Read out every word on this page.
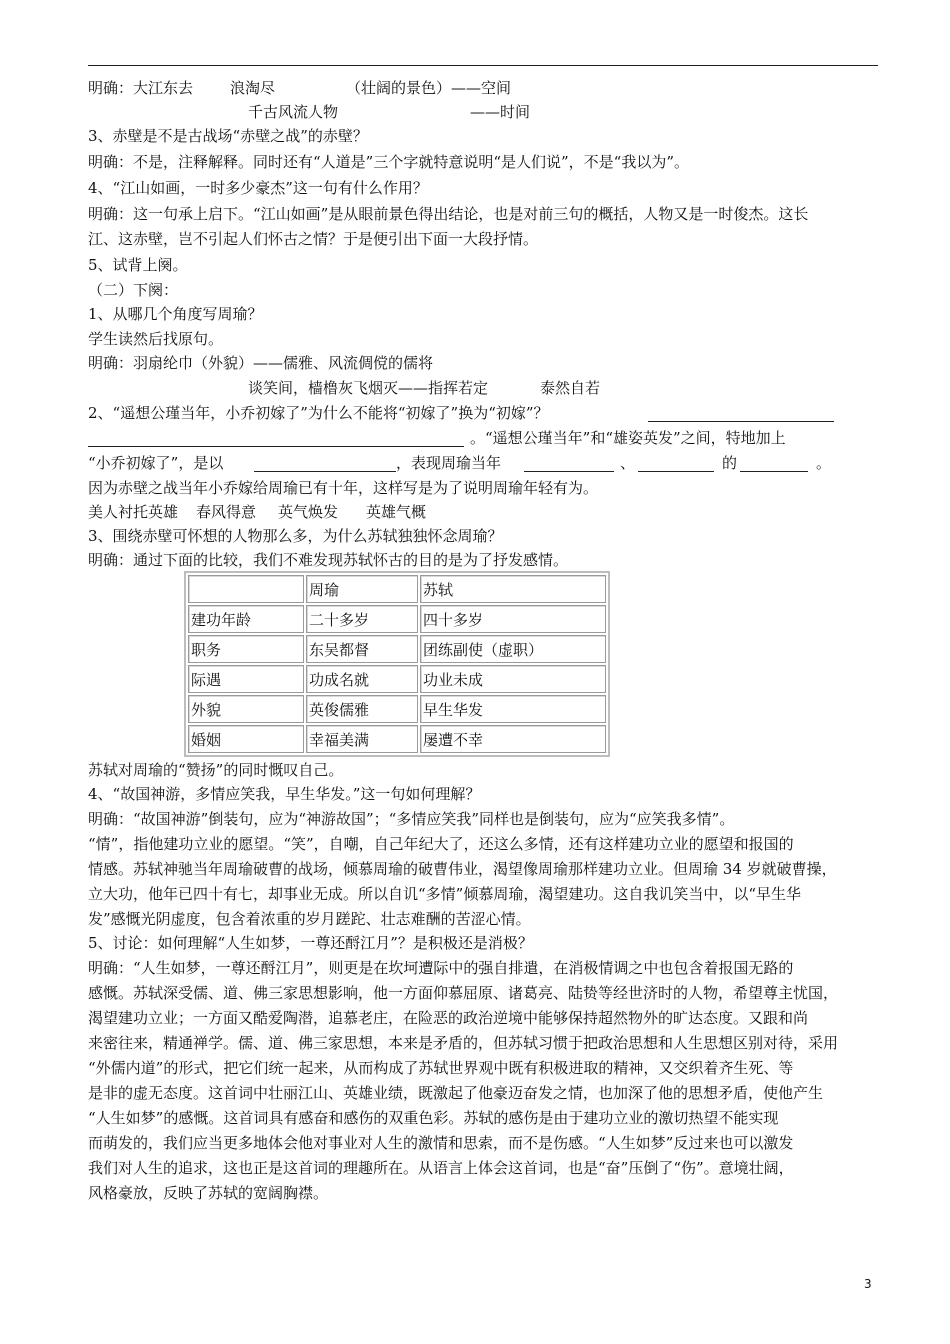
明确：大江东去 浪淘尽	（壮阔的景色）——空间
千古风流人物	——时间
3、赤壁是不是古战场“赤壁之战”的赤壁？
明确：不是，注释解释。同时还有“人道是”三个字就特意说明“是人们说”，不是“我以为”。
4、“江山如画，一时多少豪杰”这一句有什么作用？
明确：这一句承上启下。“江山如画”是从眼前景色得出结论，也是对前三句的概括，人物又是一时俊杰。这长
江、这赤壁，岂不引起人们怀古之情？于是便引出下面一大段抒情。
5、试背上阕。
（二）下阕：
1、从哪几个角度写周瑜？
学生读然后找原句。
明确：羽扇纶巾（外貌）——儒雅、风流倜傥的儒将
谈笑间，樯橹灰飞烟灭——指挥若定	泰然自若
2、“遥想公瑾当年，小乔初嫁了”为什么不能将“初嫁了”换为“初嫁”？
。“遥想公瑾当年”和“雄姿英发”之间，特地加上
“小乔初嫁了”，是以	，表现周瑜当年	、	的	。
因为赤壁之战当年小乔嫁给周瑜已有十年，这样写是为了说明周瑜年轻有为。
美人衬托英雄 春风得意 英气焕发 英雄气概
3、围绕赤壁可怀想的人物那么多，为什么苏轼独独怀念周瑜？
明确：通过下面的比较，我们不难发现苏轼怀古的目的是为了抒发感情。
	周瑜	苏轼
建功年龄	二十多岁	四十多岁
职务	东吴都督	团练副使（虚职）
际遇	功成名就	功业未成
外貌	英俊儒雅	早生华发
婚姻	幸福美满	屡遭不幸
苏轼对周瑜的“赞扬”的同时慨叹自己。
4、“故国神游，多情应笑我，早生华发。”这一句如何理解？
明确：“故国神游”倒装句，应为“神游故国”；“多情应笑我”同样也是倒装句，应为“应笑我多情”。
“情”，指他建功立业的愿望。“笑”，自嘲，自己年纪大了，还这么多情，还有这样建功立业的愿望和报国的
情感。苏轼神驰当年周瑜破曹的战场，倾慕周瑜的破曹伟业，渴望像周瑜那样建功立业。但周瑜 34 岁就破曹操，
立大功，他年已四十有七，却事业无成。所以自讥“多情”倾慕周瑜，渴望建功。这自我讥笑当中，以“早生华
发”感慨光阴虚度，包含着浓重的岁月蹉跎、壮志难酬的苦涩心情。
5、讨论：如何理解“人生如梦，一尊还酹江月”？是积极还是消极？
明确：“人生如梦，一尊还酹江月”，则更是在坎坷遭际中的强自排遣，在消极情调之中也包含着报国无路的
感慨。苏轼深受儒、道、佛三家思想影响，他一方面仰慕屈原、诸葛亮、陆贽等经世济时的人物，希望尊主忧国，
渴望建功立业；一方面又酷爱陶潜，追慕老庄，在险恶的政治逆境中能够保持超然物外的旷达态度。又跟和尚
来密往来，精通禅学。儒、道、佛三家思想，本来是矛盾的，但苏轼习惯于把政治思想和人生思想区别对待，采用
“外儒内道”的形式，把它们统一起来，从而构成了苏轼世界观中既有积极进取的精神，又交织着齐生死、等
是非的虚无态度。这首词中壮丽江山、英雄业绩，既激起了他豪迈奋发之情，也加深了他的思想矛盾，使他产生
“人生如梦”的感慨。这首词具有感奋和感伤的双重色彩。苏轼的感伤是由于建功立业的激切热望不能实现
而萌发的，我们应当更多地体会他对事业对人生的激情和思索，而不是伤感。“人生如梦”反过来也可以激发
我们对人生的追求，这也正是这首词的理趣所在。从语言上体会这首词，也是“奋”压倒了“伤”。意境壮阔，
风格豪放，反映了苏轼的宽阔胸襟。
3
